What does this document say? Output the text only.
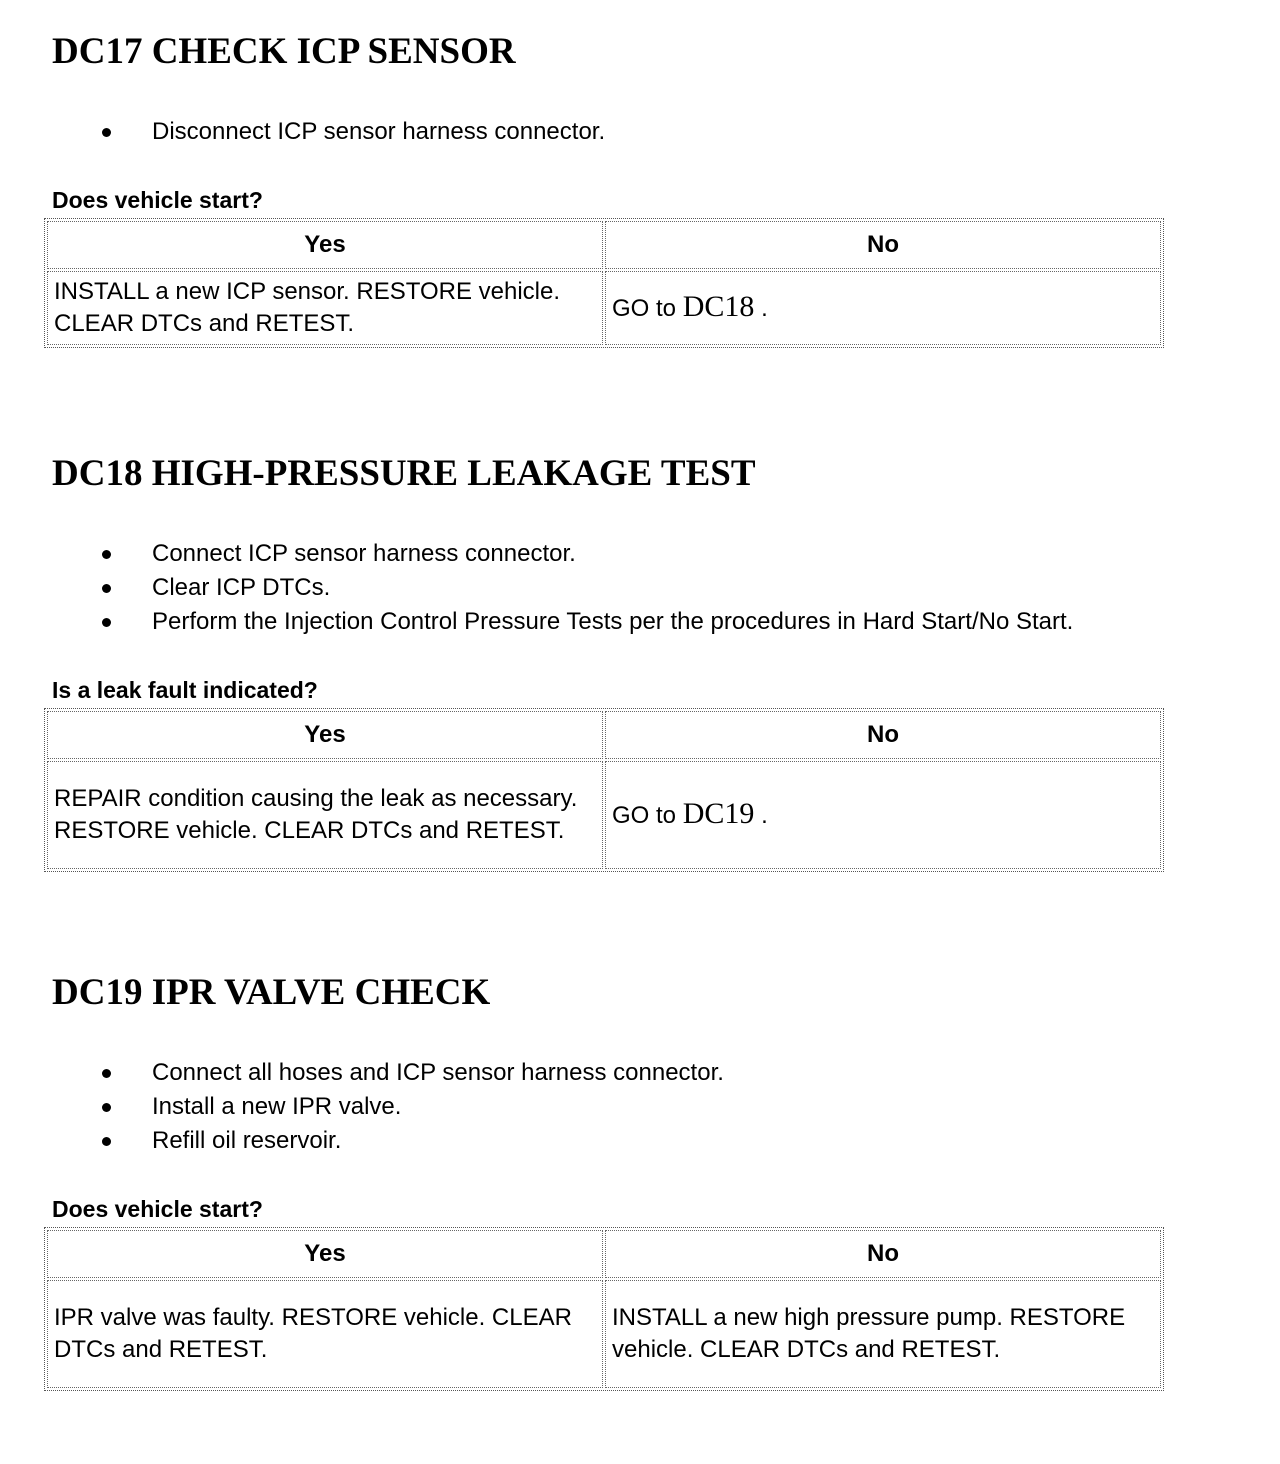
DC17 CHECK ICP SENSOR
Disconnect ICP sensor harness connector.
Does vehicle start?
Yes	No
INSTALL a new ICP sensor. RESTORE vehicle. CLEAR DTCs and RETEST.	GO to DC18 .
DC18 HIGH-PRESSURE LEAKAGE TEST
Connect ICP sensor harness connector.
Clear ICP DTCs.
Perform the Injection Control Pressure Tests per the procedures in Hard Start/No Start.
Is a leak fault indicated?
Yes	No
REPAIR condition causing the leak as necessary. RESTORE vehicle. CLEAR DTCs and RETEST.	GO to DC19 .
DC19 IPR VALVE CHECK
Connect all hoses and ICP sensor harness connector.
Install a new IPR valve.
Refill oil reservoir.
Does vehicle start?
Yes	No
IPR valve was faulty. RESTORE vehicle. CLEAR DTCs and RETEST.	INSTALL a new high pressure pump. RESTORE vehicle. CLEAR DTCs and RETEST.
